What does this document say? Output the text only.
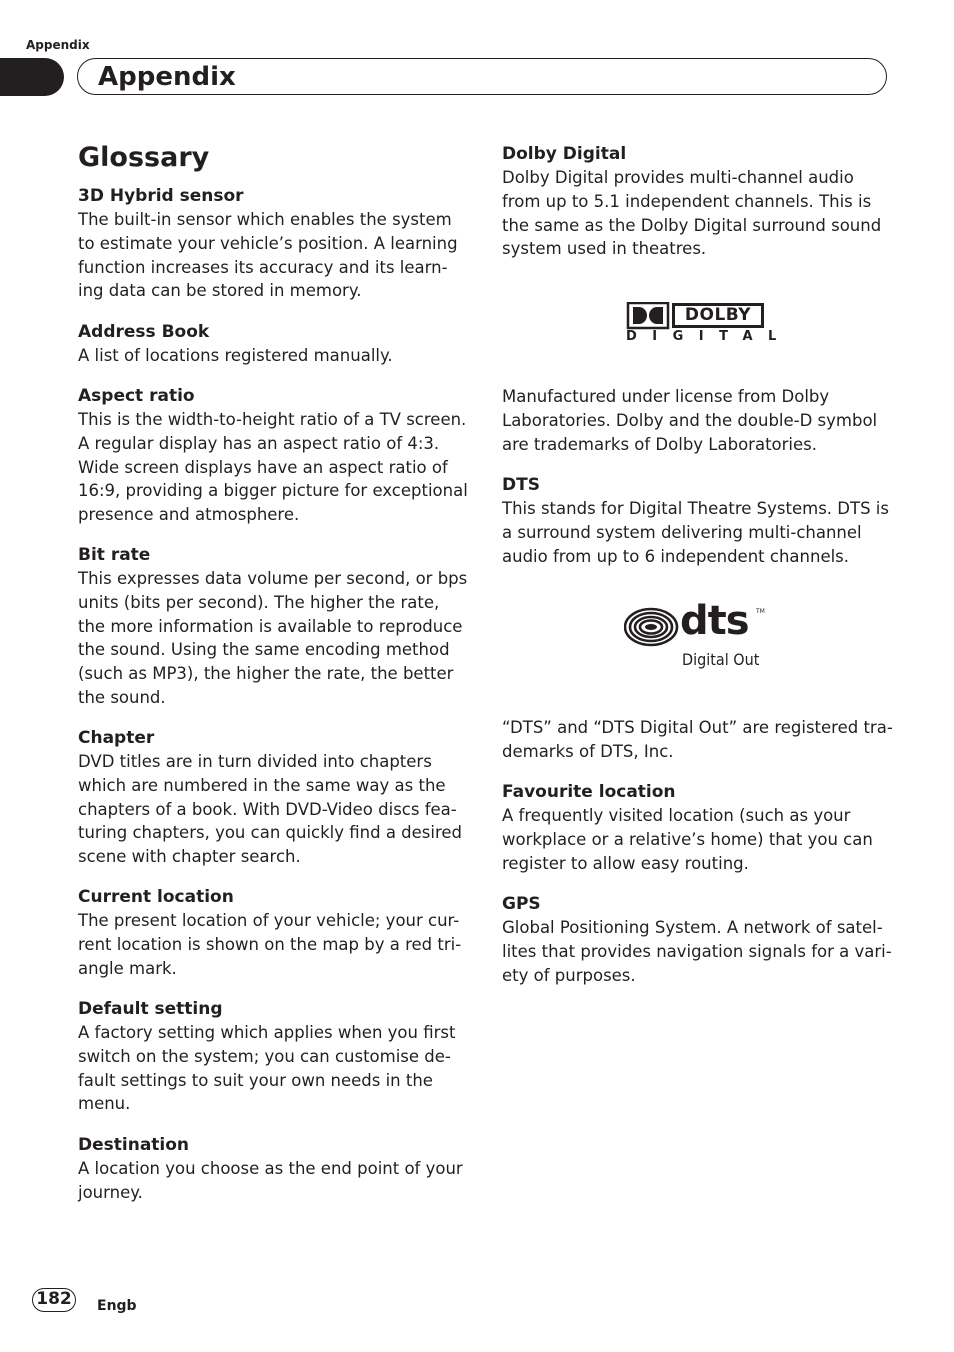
Appendix
Appendix
Glossary
3D Hybrid sensor

The built-in sensor which enables the system

to estimate your vehicle’s position. A learning

function increases its accuracy and its learn-

ing data can be stored in memory.

Address Book

A list of locations registered manually.

Aspect ratio

This is the width-to-height ratio of a TV screen.

A regular display has an aspect ratio of 4:3.

Wide screen displays have an aspect ratio of

16:9, providing a bigger picture for exceptional

presence and atmosphere.

Bit rate

This expresses data volume per second, or bps

units (bits per second). The higher the rate,

the more information is available to reproduce

the sound. Using the same encoding method

(such as MP3), the higher the rate, the better

the sound.

Chapter

DVD titles are in turn divided into chapters

which are numbered in the same way as the

chapters of a book. With DVD-Video discs fea-

turing chapters, you can quickly find a desired

scene with chapter search.

Current location

The present location of your vehicle; your cur-

rent location is shown on the map by a red tri-

angle mark.

Default setting

A factory setting which applies when you first

switch on the system; you can customise de-

fault settings to suit your own needs in the

menu.

Destination

A location you choose as the end point of your

journey.

Dolby Digital

Dolby Digital provides multi-channel audio

from up to 5.1 independent channels. This is

the same as the Dolby Digital surround sound

system used in theatres.

DOLBY
DIGITAL

Manufactured under license from Dolby

Laboratories. Dolby and the double-D symbol

are trademarks of Dolby Laboratories.

DTS

This stands for Digital Theatre Systems. DTS is

a surround system delivering multi-channel

audio from up to 6 independent channels.

dts TM
Digital Out

“DTS” and “DTS Digital Out” are registered tra-

demarks of DTS, Inc.

Favourite location

A frequently visited location (such as your

workplace or a relative’s home) that you can

register to allow easy routing.

GPS

Global Positioning System. A network of satel-

lites that provides navigation signals for a vari-

ety of purposes.

182	Engb
